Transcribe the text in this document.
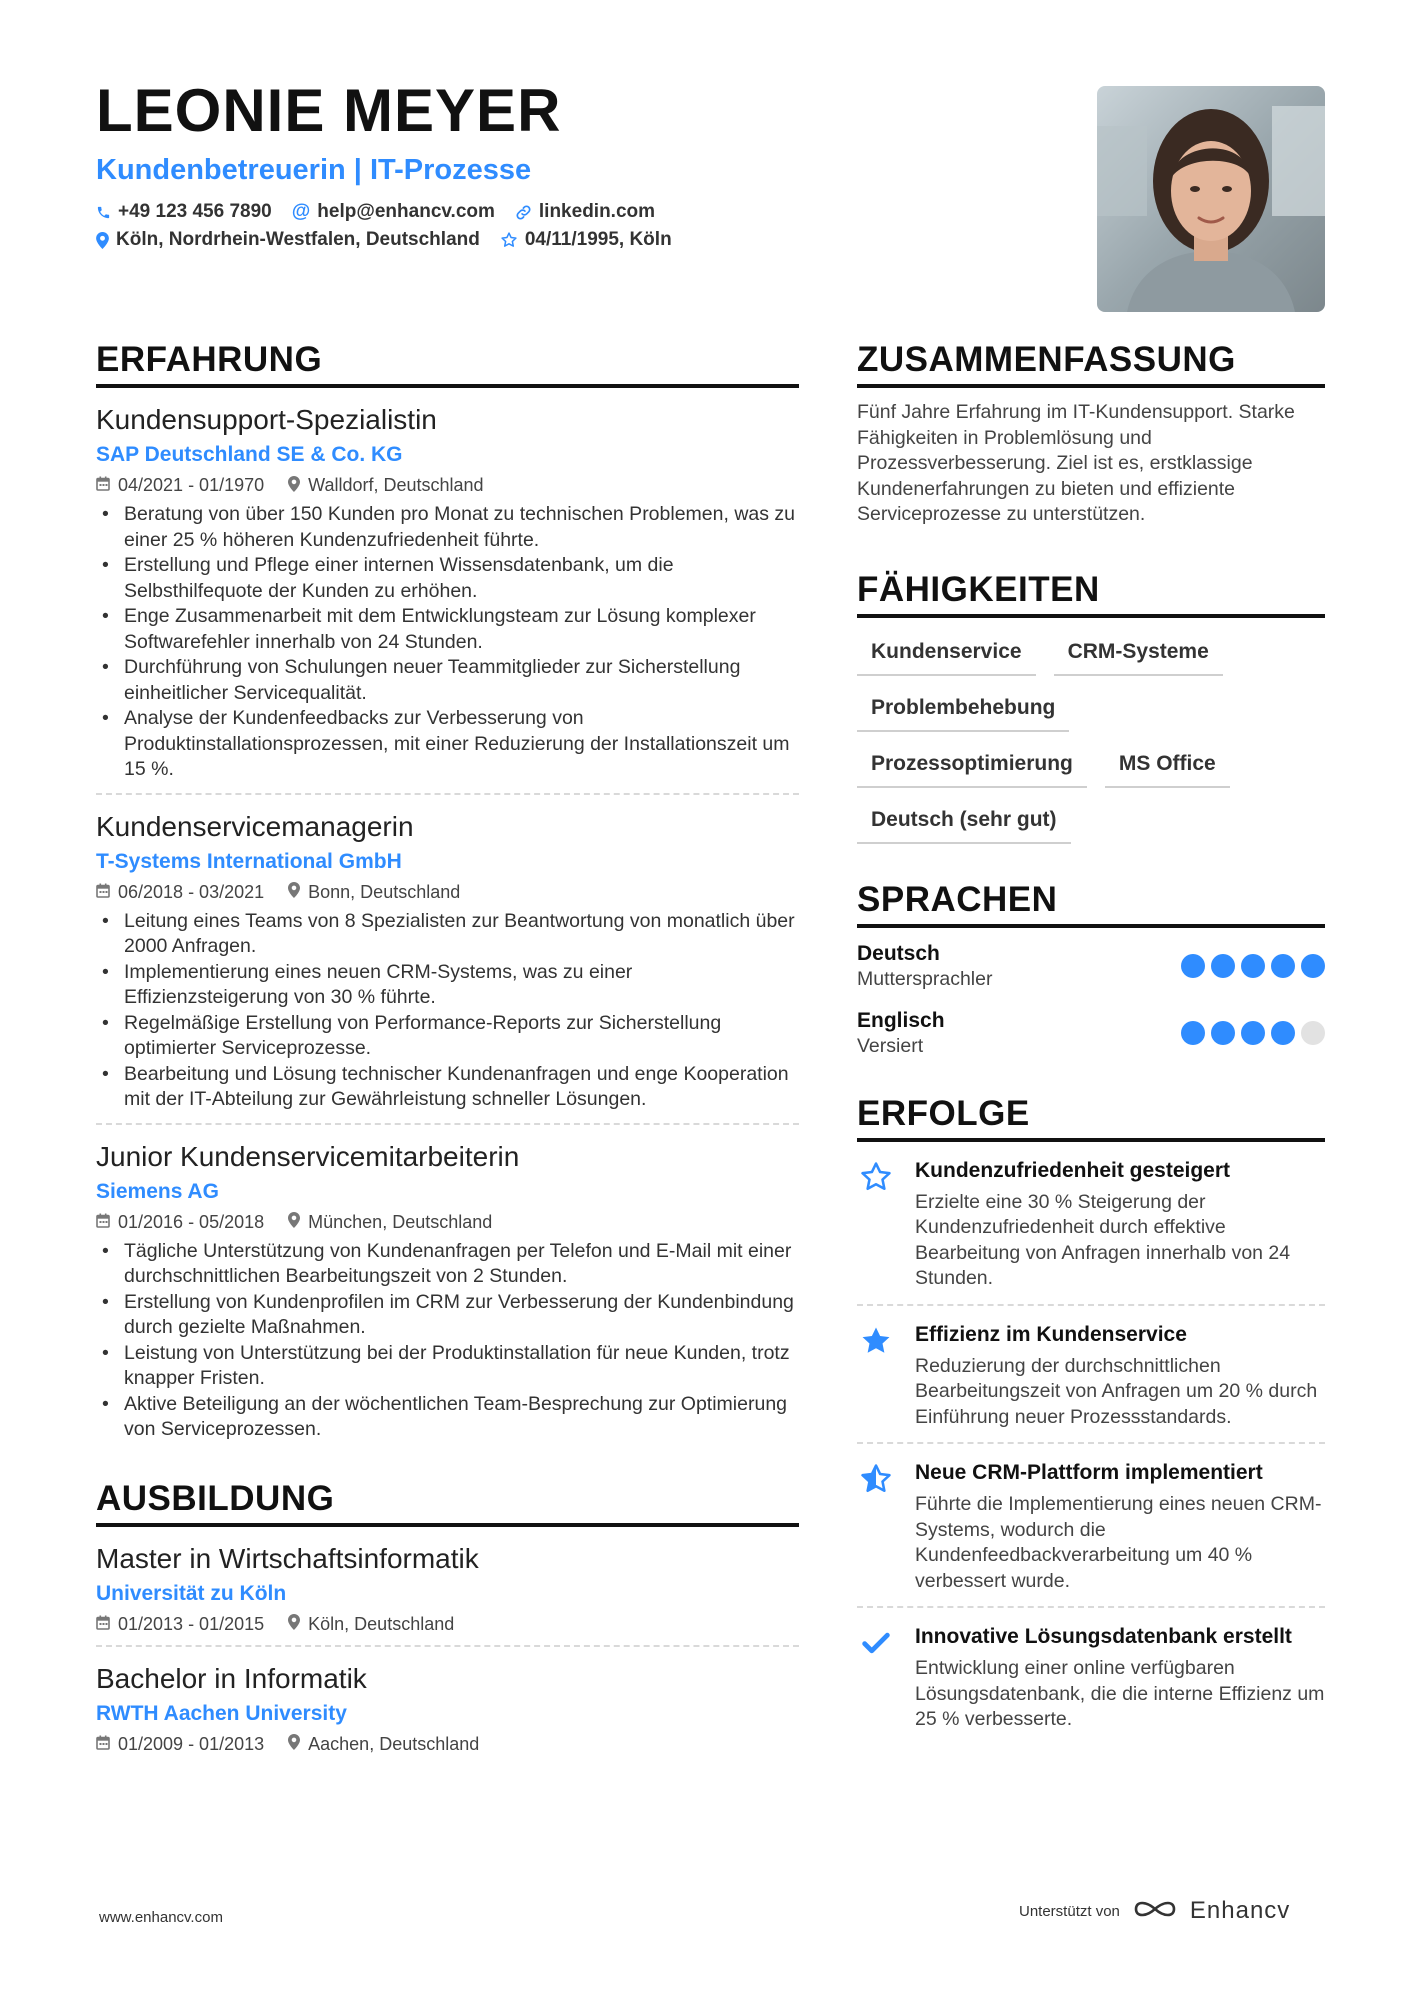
LEONIE MEYER
Kundenbetreuerin | IT-Prozesse
+49 123 456 7890 @ help@enhancv.com linkedin.com
Köln, Nordrhein-Westfalen, Deutschland 04/11/1995, Köln
ERFAHRUNG
Kundensupport-Spezialistin
SAP Deutschland SE & Co. KG
04/2021 - 01/1970 Walldorf, Deutschland
• Beratung von über 150 Kunden pro Monat zu technischen Problemen, was zu einer 25 % höheren Kundenzufriedenheit führte.
• Erstellung und Pflege einer internen Wissensdatenbank, um die Selbsthilfequote der Kunden zu erhöhen.
• Enge Zusammenarbeit mit dem Entwicklungsteam zur Lösung komplexer Softwarefehler innerhalb von 24 Stunden.
• Durchführung von Schulungen neuer Teammitglieder zur Sicherstellung einheitlicher Servicequalität.
• Analyse der Kundenfeedbacks zur Verbesserung von Produktinstallationsprozessen, mit einer Reduzierung der Installationszeit um 15 %.
Kundenservicemanagerin
T-Systems International GmbH
06/2018 - 03/2021 Bonn, Deutschland
• Leitung eines Teams von 8 Spezialisten zur Beantwortung von monatlich über 2000 Anfragen.
• Implementierung eines neuen CRM-Systems, was zu einer Effizienzsteigerung von 30 % führte.
• Regelmäßige Erstellung von Performance-Reports zur Sicherstellung optimierter Serviceprozesse.
• Bearbeitung und Lösung technischer Kundenanfragen und enge Kooperation mit der IT-Abteilung zur Gewährleistung schneller Lösungen.
Junior Kundenservicemitarbeiterin
Siemens AG
01/2016 - 05/2018 München, Deutschland
• Tägliche Unterstützung von Kundenanfragen per Telefon und E-Mail mit einer durchschnittlichen Bearbeitungszeit von 2 Stunden.
• Erstellung von Kundenprofilen im CRM zur Verbesserung der Kundenbindung durch gezielte Maßnahmen.
• Leistung von Unterstützung bei der Produktinstallation für neue Kunden, trotz knapper Fristen.
• Aktive Beteiligung an der wöchentlichen Team-Besprechung zur Optimierung von Serviceprozessen.
AUSBILDUNG
Master in Wirtschaftsinformatik
Universität zu Köln
01/2013 - 01/2015 Köln, Deutschland
Bachelor in Informatik
RWTH Aachen University
01/2009 - 01/2013 Aachen, Deutschland
ZUSAMMENFASSUNG
Fünf Jahre Erfahrung im IT-Kundensupport. Starke Fähigkeiten in Problemlösung und Prozessverbesserung. Ziel ist es, erstklassige Kundenerfahrungen zu bieten und effiziente Serviceprozesse zu unterstützen.
FÄHIGKEITEN
Kundenservice	CRM-Systeme
Problembehebung
Prozessoptimierung	MS Office
Deutsch (sehr gut)
SPRACHEN
Deutsch
Muttersprachler
Englisch
Versiert
ERFOLGE
Kundenzufriedenheit gesteigert
Erzielte eine 30 % Steigerung der Kundenzufriedenheit durch effektive Bearbeitung von Anfragen innerhalb von 24 Stunden.
Effizienz im Kundenservice
Reduzierung der durchschnittlichen Bearbeitungszeit von Anfragen um 20 % durch Einführung neuer Prozessstandards.
Neue CRM-Plattform implementiert
Führte die Implementierung eines neuen CRM-Systems, wodurch die Kundenfeedbackverarbeitung um 40 % verbessert wurde.
Innovative Lösungsdatenbank erstellt
Entwicklung einer online verfügbaren Lösungsdatenbank, die die interne Effizienz um 25 % verbesserte.
www.enhancv.com	Unterstützt von	Enhancv
